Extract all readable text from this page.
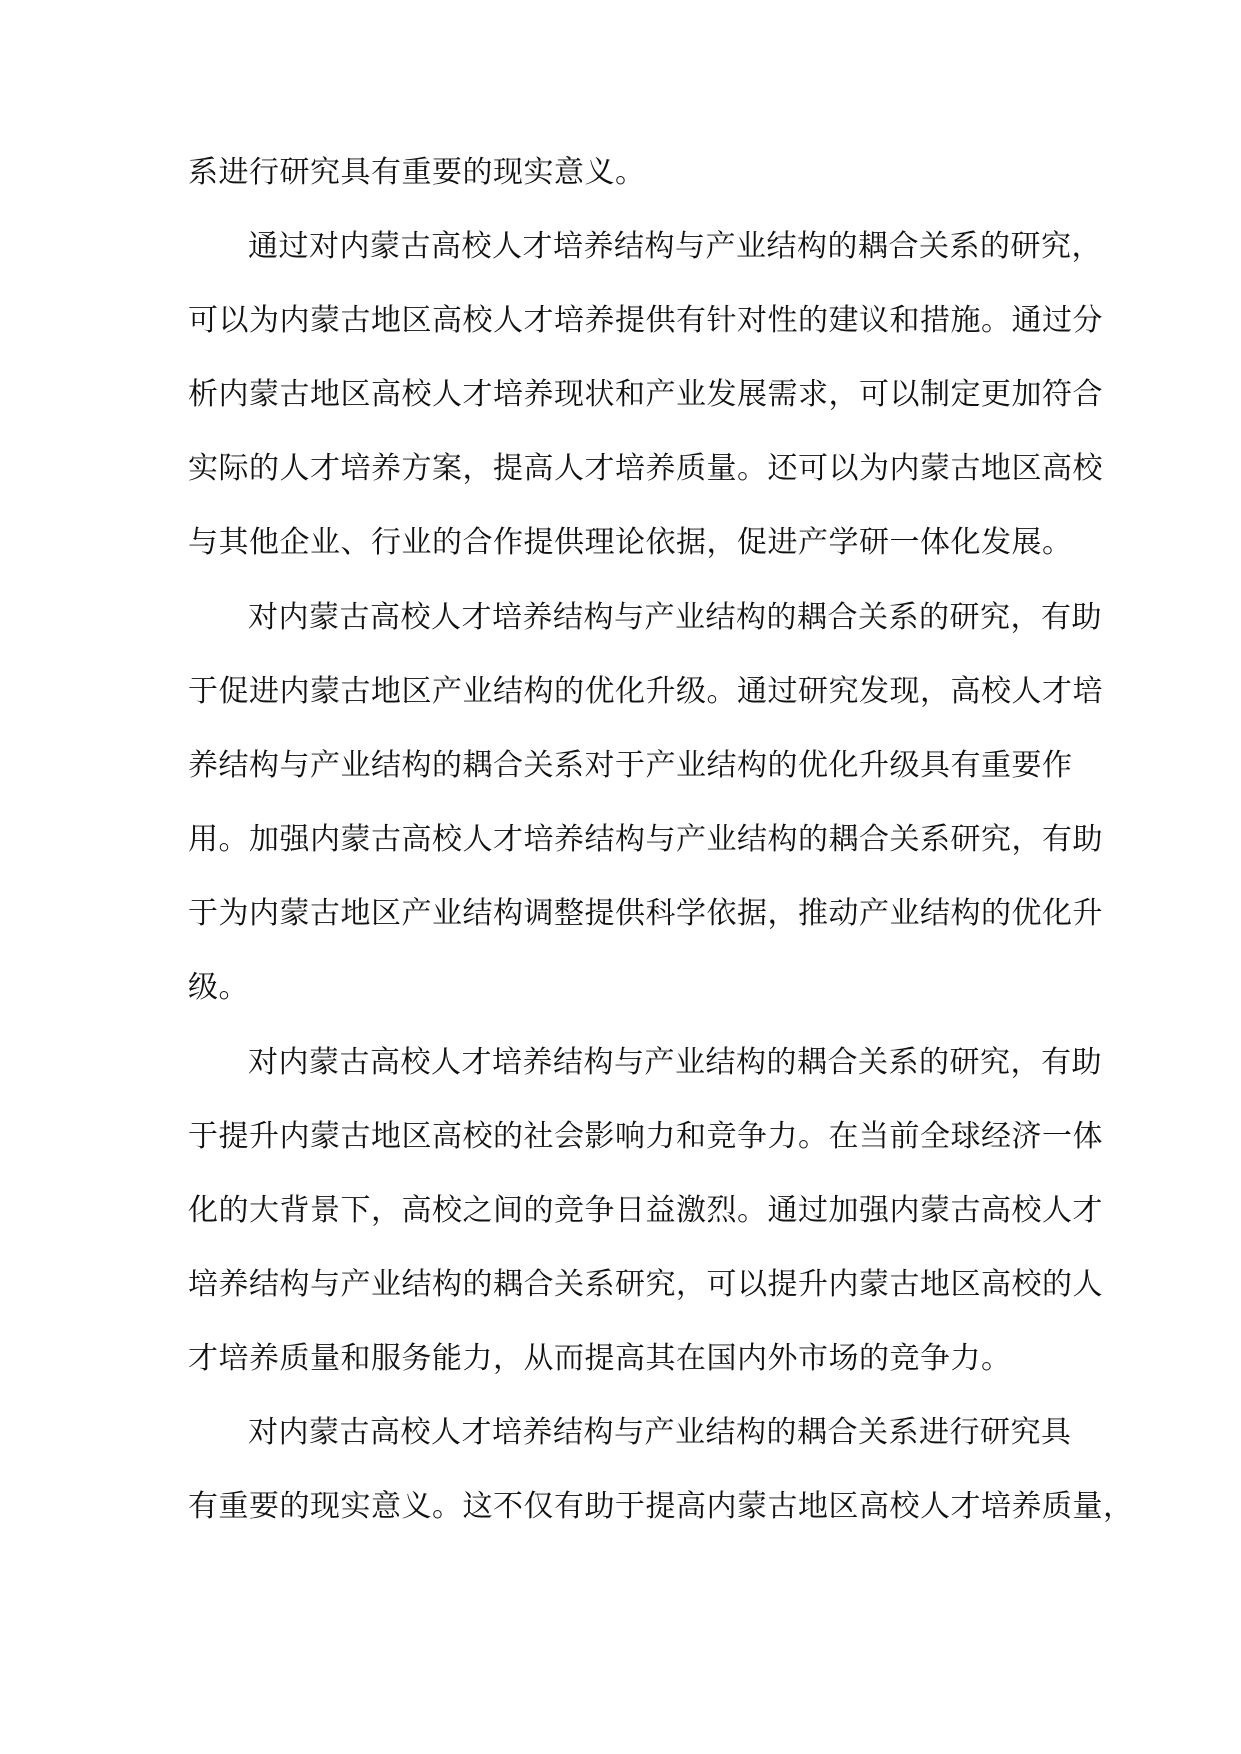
系进行研究具有重要的现实意义。
通过对内蒙古高校人才培养结构与产业结构的耦合关系的研究，
可以为内蒙古地区高校人才培养提供有针对性的建议和措施。通过分
析内蒙古地区高校人才培养现状和产业发展需求，可以制定更加符合
实际的人才培养方案，提高人才培养质量。还可以为内蒙古地区高校
与其他企业、行业的合作提供理论依据，促进产学研一体化发展。
对内蒙古高校人才培养结构与产业结构的耦合关系的研究，有助
于促进内蒙古地区产业结构的优化升级。通过研究发现，高校人才培
养结构与产业结构的耦合关系对于产业结构的优化升级具有重要作
用。加强内蒙古高校人才培养结构与产业结构的耦合关系研究，有助
于为内蒙古地区产业结构调整提供科学依据，推动产业结构的优化升
级。
对内蒙古高校人才培养结构与产业结构的耦合关系的研究，有助
于提升内蒙古地区高校的社会影响力和竞争力。在当前全球经济一体
化的大背景下，高校之间的竞争日益激烈。通过加强内蒙古高校人才
培养结构与产业结构的耦合关系研究，可以提升内蒙古地区高校的人
才培养质量和服务能力，从而提高其在国内外市场的竞争力。
对内蒙古高校人才培养结构与产业结构的耦合关系进行研究具
有重要的现实意义。这不仅有助于提高内蒙古地区高校人才培养质量，
